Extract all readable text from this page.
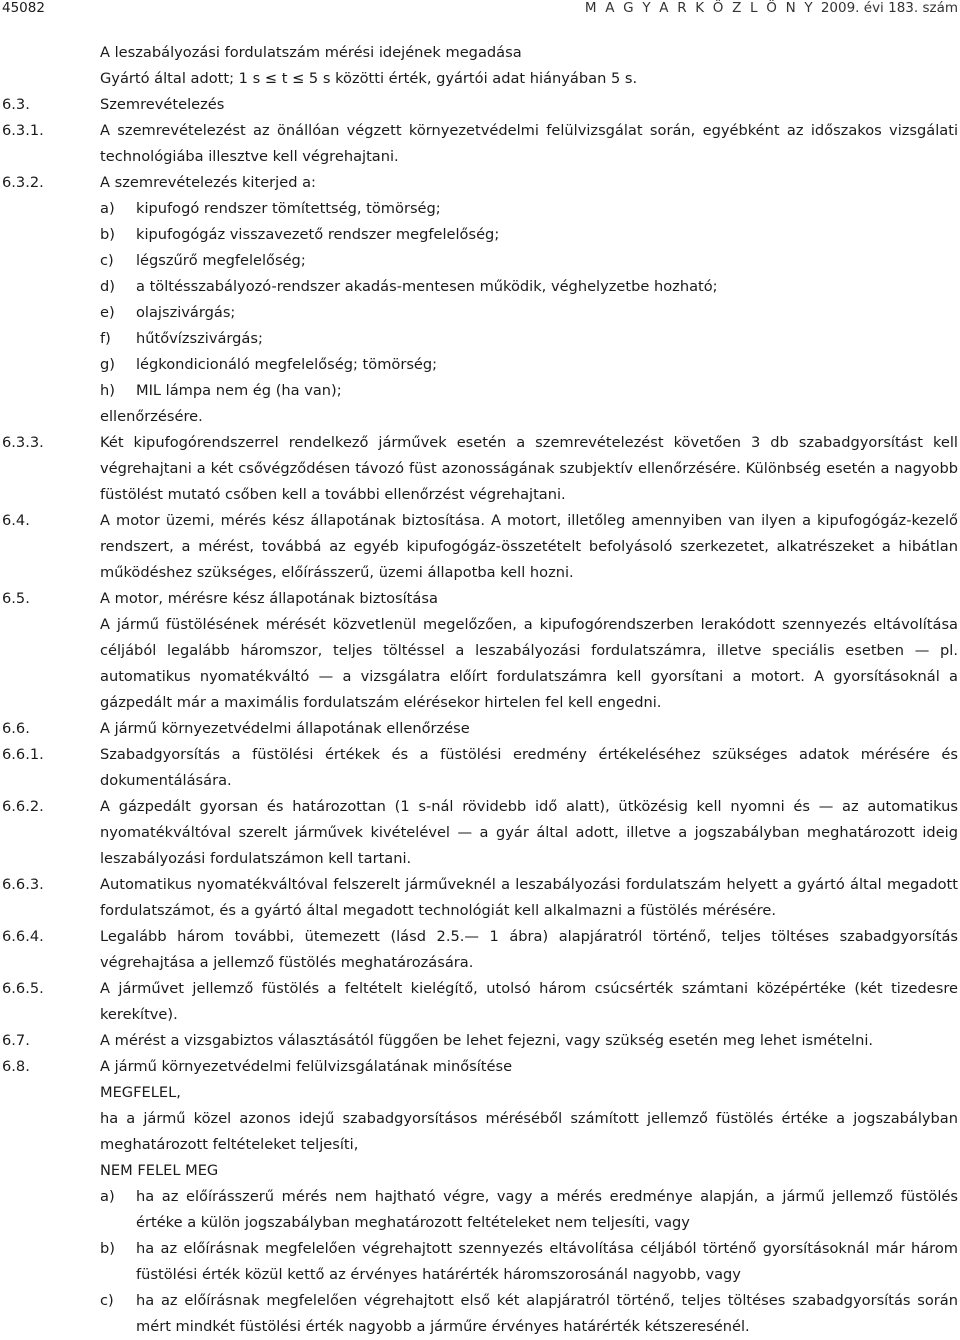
45082	M A G Y A R K Ö Z L Ö N Y 2009. évi 183. szám
A leszabályozási fordulatszám mérési idejének megadása
Gyártó által adott; 1 s ≤ t ≤ 5 s közötti érték, gyártói adat hiányában 5 s.
6.3.	Szemrevételezés
6.3.1.	A szemrevételezést az önállóan végzett környezetvédelmi felülvizsgálat során, egyébként az időszakos vizsgálati technológiába illesztve kell végrehajtani.
6.3.2.	A szemrevételezés kiterjed a:
a)	kipufogó rendszer tömítettség, tömörség;
b)	kipufogógáz visszavezető rendszer megfelelőség;
c)	légszűrő megfelelőség;
d)	a töltésszabályozó-rendszer akadás-mentesen működik, véghelyzetbe hozható;
e)	olajszivárgás;
f)	hűtővízszivárgás;
g)	légkondicionáló megfelelőség; tömörség;
h)	MIL lámpa nem ég (ha van);
ellenőrzésére.
6.3.3.	Két kipufogórendszerrel rendelkező járművek esetén a szemrevételezést követően 3 db szabadgyorsítást kell végrehajtani a két csővégződésen távozó füst azonosságának szubjektív ellenőrzésére. Különbség esetén a nagyobb füstölést mutató csőben kell a további ellenőrzést végrehajtani.
6.4.	A motor üzemi, mérés kész állapotának biztosítása. A motort, illetőleg amennyiben van ilyen a kipufogógáz-kezelő rendszert, a mérést, továbbá az egyéb kipufogógáz-összetételt befolyásoló szerkezetet, alkatrészeket a hibátlan működéshez szükséges, előírásszerű, üzemi állapotba kell hozni.
6.5.	A motor, mérésre kész állapotának biztosítása
A jármű füstölésének mérését közvetlenül megelőzően, a kipufogórendszerben lerakódott szennyezés eltávolítása céljából legalább háromszor, teljes töltéssel a leszabályozási fordulatszámra, illetve speciális esetben — pl. automatikus nyomatékváltó — a vizsgálatra előírt fordulatszámra kell gyorsítani a motort. A gyorsításoknál a gázpedált már a maximális fordulatszám elérésekor hirtelen fel kell engedni.
6.6.	A jármű környezetvédelmi állapotának ellenőrzése
6.6.1.	Szabadgyorsítás a füstölési értékek és a füstölési eredmény értékeléséhez szükséges adatok mérésére és dokumentálására.
6.6.2.	A gázpedált gyorsan és határozottan (1 s-nál rövidebb idő alatt), ütközésig kell nyomni és — az automatikus nyomatékváltóval szerelt járművek kivételével — a gyár által adott, illetve a jogszabályban meghatározott ideig leszabályozási fordulatszámon kell tartani.
6.6.3.	Automatikus nyomatékváltóval felszerelt járműveknél a leszabályozási fordulatszám helyett a gyártó által megadott fordulatszámot, és a gyártó által megadott technológiát kell alkalmazni a füstölés mérésére.
6.6.4.	Legalább három további, ütemezett (lásd 2.5.— 1 ábra) alapjáratról történő, teljes töltéses szabadgyorsítás végrehajtása a jellemző füstölés meghatározására.
6.6.5.	A járművet jellemző füstölés a feltételt kielégítő, utolsó három csúcsérték számtani középértéke (két tizedesre kerekítve).
6.7.	A mérést a vizsgabiztos választásától függően be lehet fejezni, vagy szükség esetén meg lehet ismételni.
6.8.	A jármű környezetvédelmi felülvizsgálatának minősítése
MEGFELEL,
ha a jármű közel azonos idejű szabadgyorsításos méréséből számított jellemző füstölés értéke a jogszabályban meghatározott feltételeket teljesíti,
NEM FELEL MEG
a)	ha az előírásszerű mérés nem hajtható végre, vagy a mérés eredménye alapján, a jármű jellemző füstölés értéke a külön jogszabályban meghatározott feltételeket nem teljesíti, vagy
b)	ha az előírásnak megfelelően végrehajtott szennyezés eltávolítása céljából történő gyorsításoknál már három füstölési érték közül kettő az érvényes határérték háromszorosánál nagyobb, vagy
c)	ha az előírásnak megfelelően végrehajtott első két alapjáratról történő, teljes töltéses szabadgyorsítás során mért mindkét füstölési érték nagyobb a járműre érvényes határérték kétszeresénél.
